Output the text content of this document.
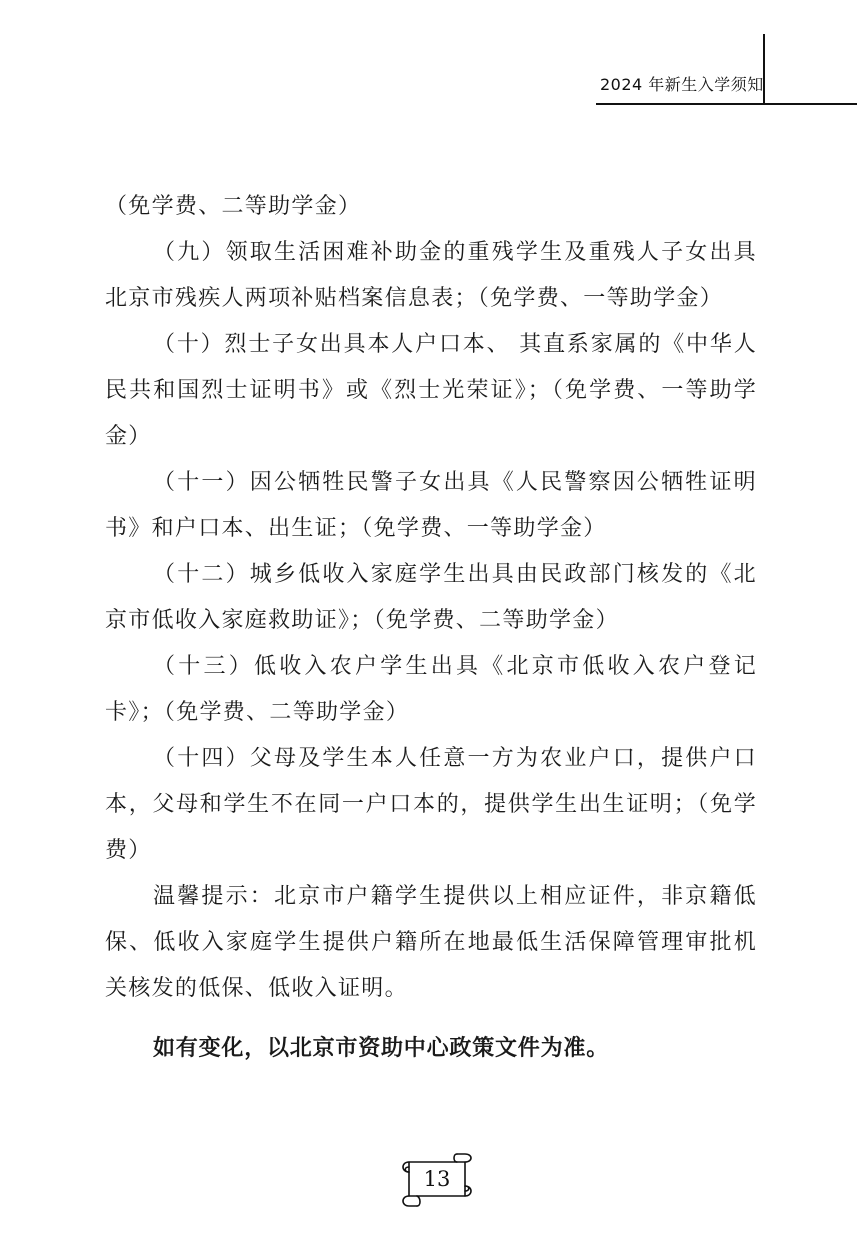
2024 年新生入学须知

（免学费、二等助学金）

（九）领取生活困难补助金的重残学生及重残人子女出具北京市残疾人两项补贴档案信息表；（免学费、一等助学金）

（十）烈士子女出具本人户口本、 其直系家属的《中华人民共和国烈士证明书》或《烈士光荣证》；（免学费、一等助学金）

（十一）因公牺牲民警子女出具《人民警察因公牺牲证明书》和户口本、出生证；（免学费、一等助学金）

（十二）城乡低收入家庭学生出具由民政部门核发的《北京市低收入家庭救助证》；（免学费、二等助学金）

（十三）低收入农户学生出具《北京市低收入农户登记卡》；（免学费、二等助学金）

（十四）父母及学生本人任意一方为农业户口，提供户口本，父母和学生不在同一户口本的，提供学生出生证明；（免学费）

温馨提示：北京市户籍学生提供以上相应证件，非京籍低保、低收入家庭学生提供户籍所在地最低生活保障管理审批机关核发的低保、低收入证明。

如有变化，以北京市资助中心政策文件为准。

13
